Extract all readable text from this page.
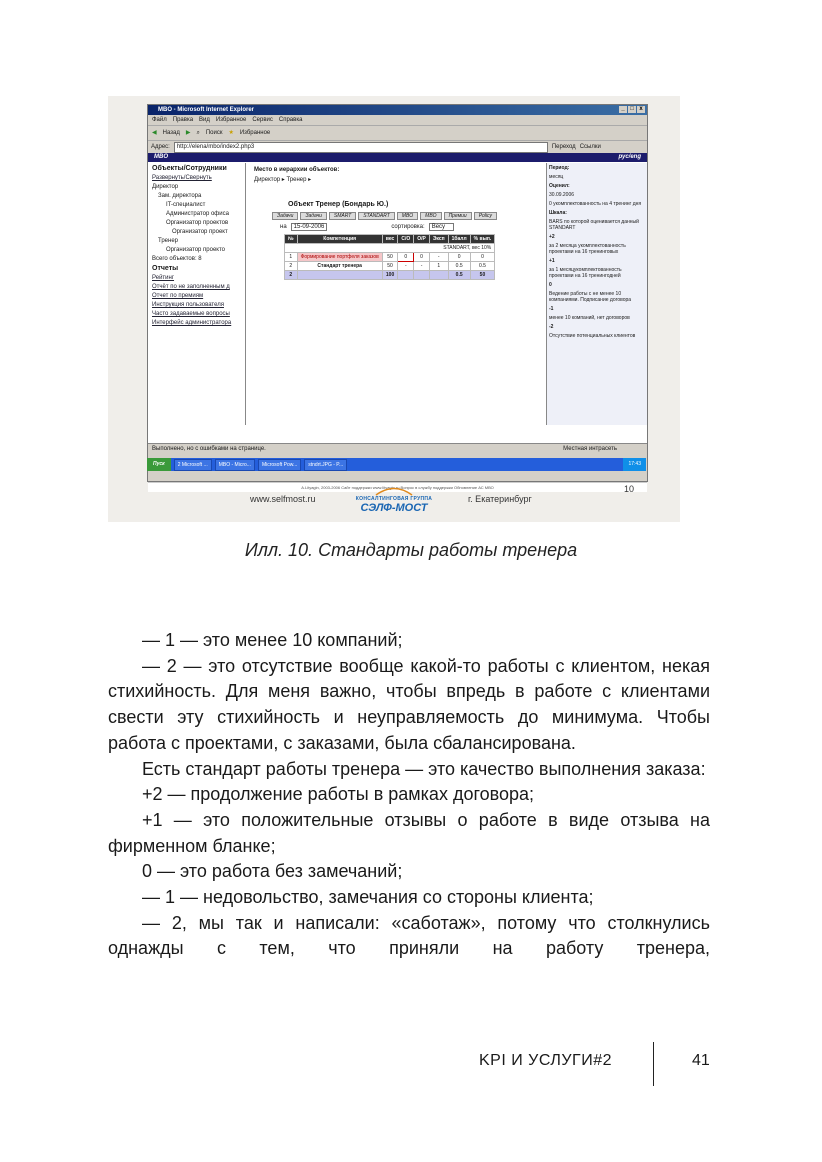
MBO - Microsoft Internet Explorer	_ □ x
Файл Правка Вид Избранное Сервис Справка
◀ Назад ▶ ⌕ Поиск ★ Избранное
Адрес:	http://elena/mbo/index2.php3	Переход Ссылки
MBO	рус/eng
Объекты/Сотрудники
Развернуть/Свернуть
Директор
Зам. директора
IT-специалист
Администратор офиса
Организатор проектов
Организатор проект
Тренер
Организатор проекто
Всего объектов: 8
Отчеты
Рейтинг
Отчёт по не заполненным д
Отчет по премиям
Инструкция пользователя
Часто задаваемые вопросы
Интерфейс администратора
Место в иерархии объектов:
Директор ▸ Тренер ▸
Объект Тренер (Бондарь Ю.)
Задачи	Задачи	SMART	STANDART	MBO	MBO	Премии	Policy
на	15-09-2006	сортировка:	Весу
№	Компетенция	вес	С/О	О/Р	Эксп	1балл	% вып.
STANDART, вес 10%							
1	Формирование портфеля заказов	50	0	0	-	0	0
2	Стандарт тренера	50	-	-	1	0.5	0.5
2		100				0.5	50
Период:
месяц
Оценил:
30.09.2006
0 укомплектованность на 4 тренинг дня
Шкала:
BARS по которой оценивается данный STANDART
+2
за 2 месяца укомплектованность проектами на 16 тренинговых
+1
за 1 месяцукомплектованность проектами на 16 тренингодней
0
Ведение работы с не менее 10 компаниями. Подписание договора
-1
менее 10 компаний, нет договоров
-2
Отсутствие потенциальных клиентов
A.Lityagin, 2003-2006 Сайт поддержки www.lityagin.ru Вопрос в службу поддержки Обновление АС МВО
Выполнено, но с ошибками на странице.	Местная интрасеть
Пуск	2 Microsoft ...	MBO - Micro...	Microsoft Pow...	stndrt.JPG - P...	17:43
www.selfmost.ru	КОНСАЛТИНГОВАЯ ГРУППА
СЭЛФ-МОСТ
г. Екатеринбург
10
Илл. 10. Стандарты работы тренера

— 1 — это менее 10 компаний;

— 2 — это отсутствие вообще какой-то работы с клиентом, некая стихийность. Для меня важно, чтобы впредь в работе с клиентами свести эту стихийность и неуправляемость до минимума. Чтобы работа с проектами, с заказами, была сбалансирована.

Есть стандарт работы тренера — это качество выполнения заказа:

+2 — продолжение работы в рамках договора;

+1 — это положительные отзывы о работе в виде отзыва на фирменном бланке;

0 — это работа без замечаний;

— 1 — недовольство, замечания со стороны клиента;

— 2, мы так и написали: «саботаж», потому что столкнулись однажды с тем, что приняли на работу тренера,

KPI И УСЛУГИ#2	41
